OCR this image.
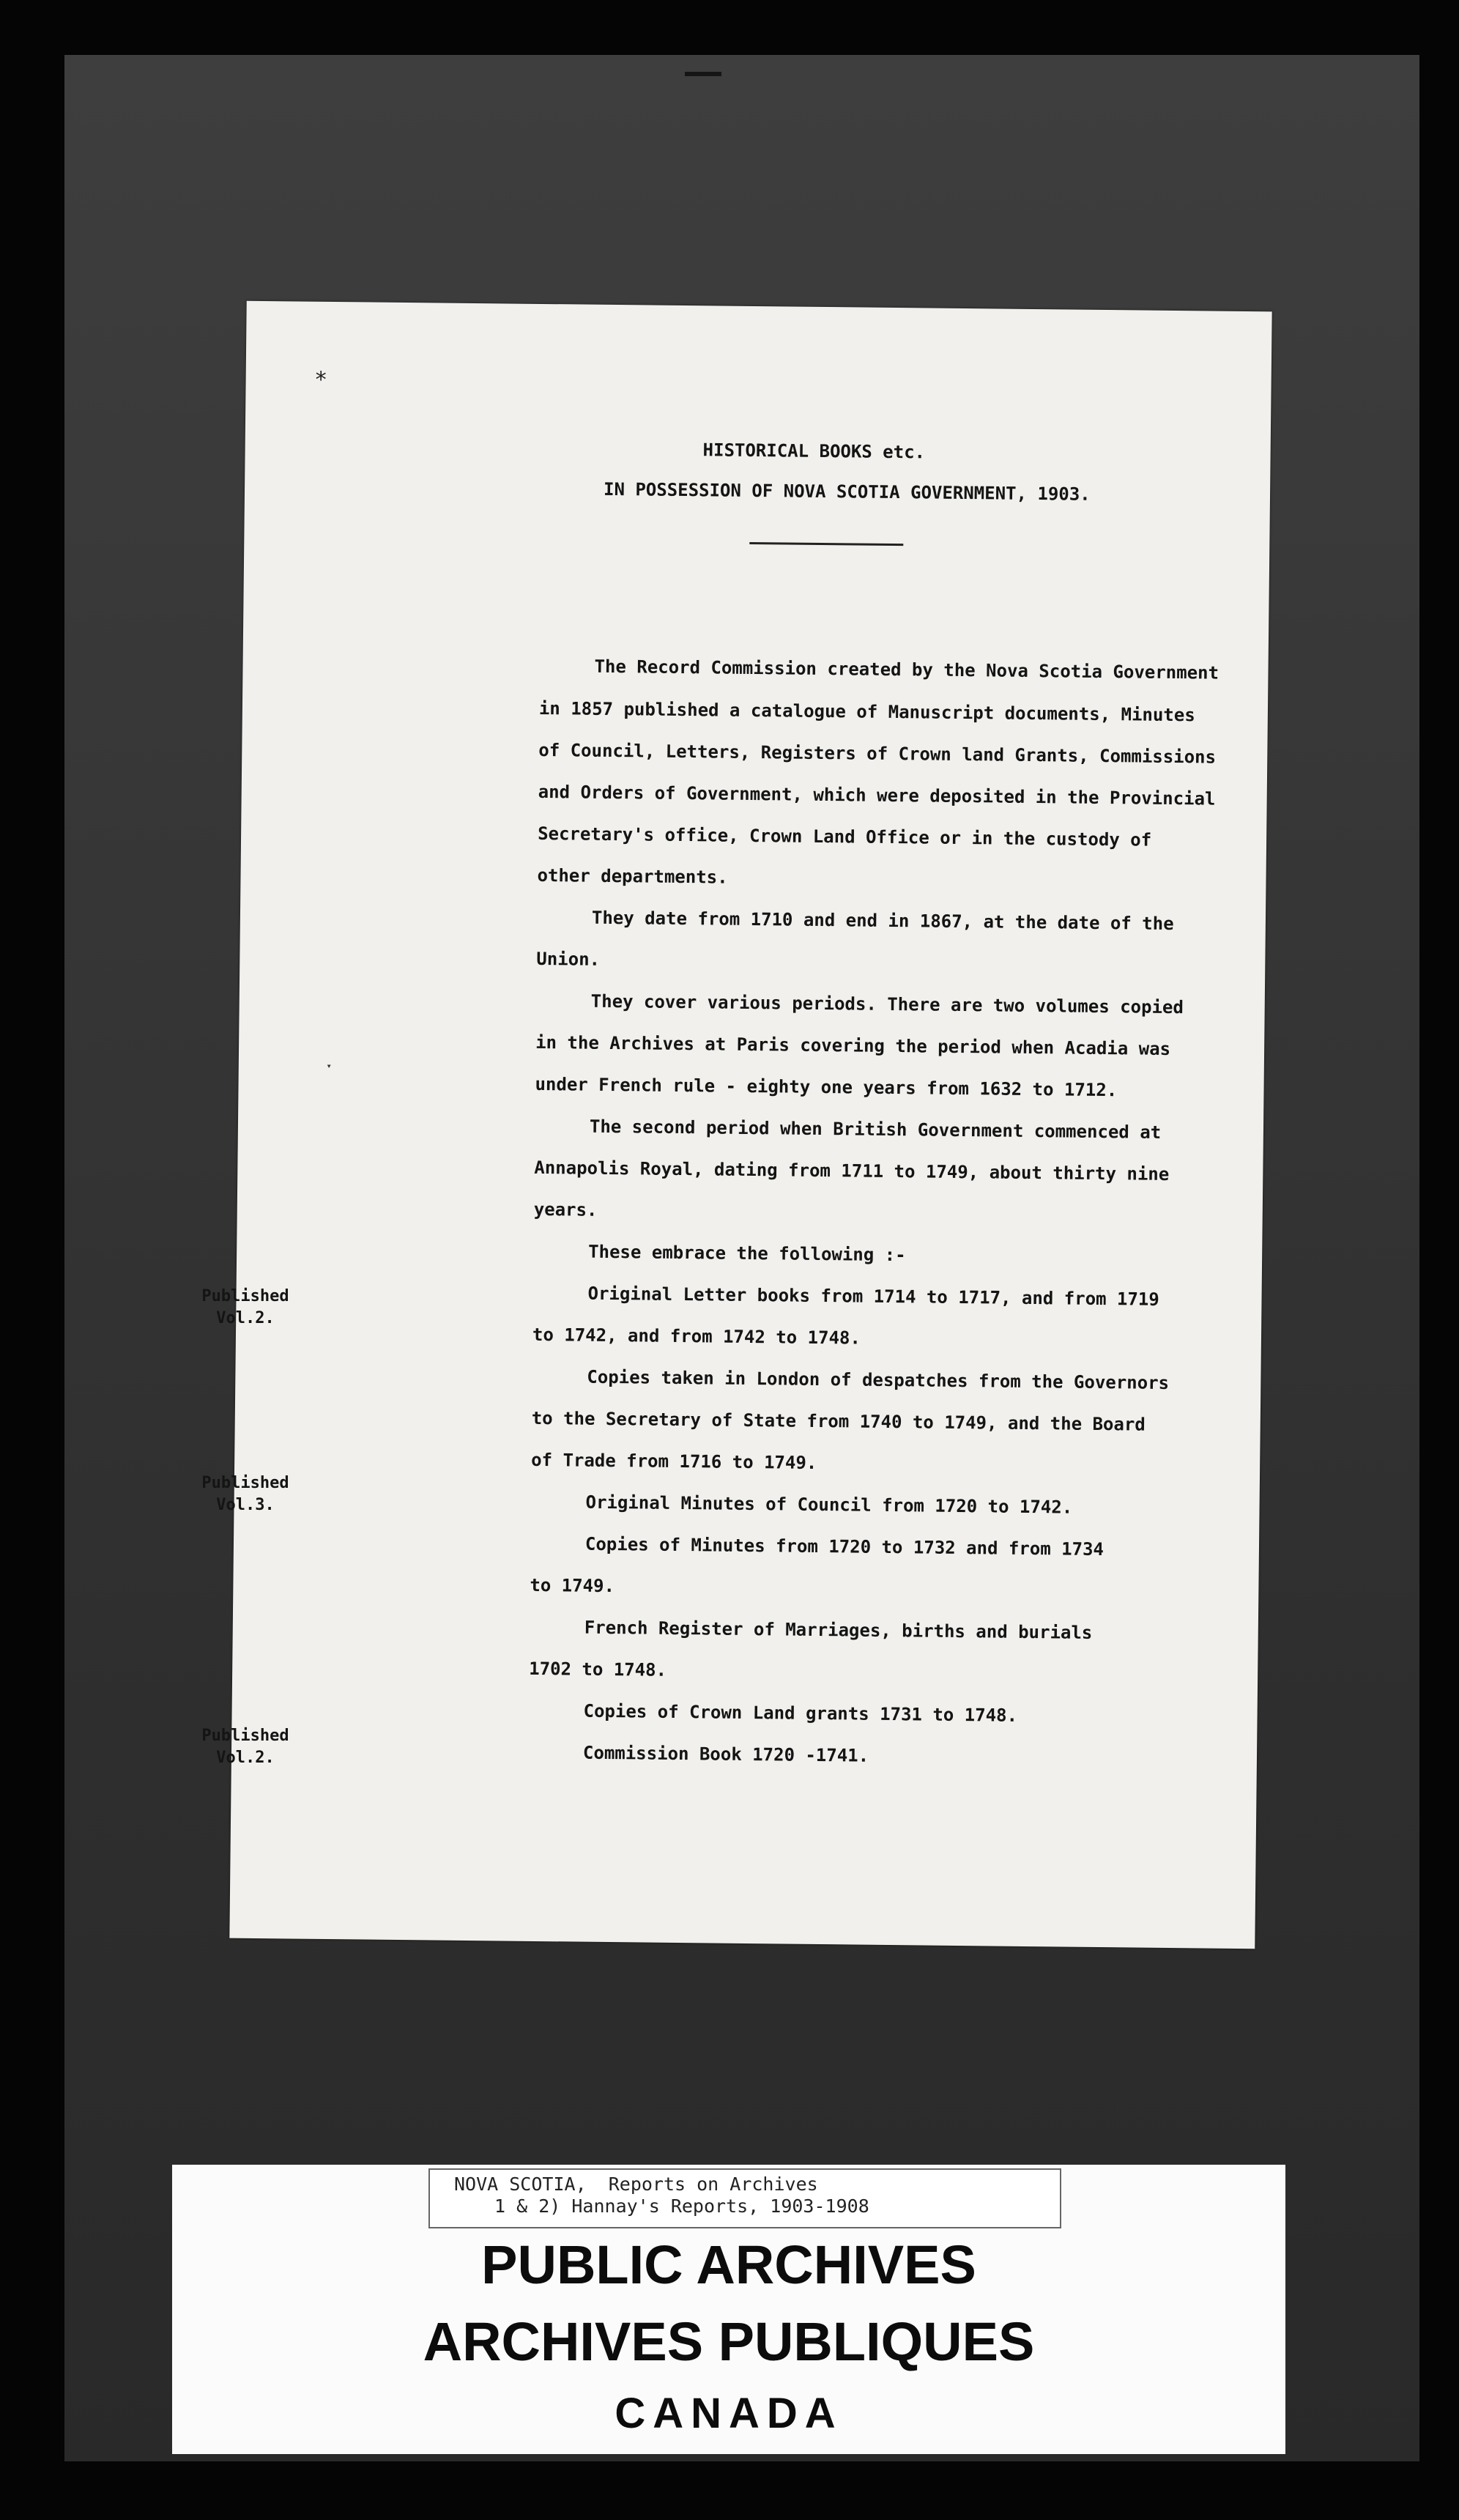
⁎
ˑ
HISTORICAL BOOKS etc.
IN POSSESSION OF NOVA SCOTIA GOVERNMENT, 1903.
The Record Commission created by the Nova Scotia Government
in 1857 published a catalogue of Manuscript documents, Minutes
of Council, Letters, Registers of Crown land Grants, Commissions
and Orders of Government, which were deposited in the Provincial
Secretary's office, Crown Land Office or in the custody of
other departments.
They date from 1710 and end in 1867, at the date of the
Union.
They cover various periods. There are two volumes copied
in the Archives at Paris covering the period when Acadia was
under French rule - eighty one years from 1632 to 1712.
The second period when British Government commenced at
Annapolis Royal, dating from 1711 to 1749, about thirty nine
years.
These embrace the following :-
Original Letter books from 1714 to 1717, and from 1719
to 1742, and from 1742 to 1748.
Copies taken in London of despatches from the Governors
to the Secretary of State from 1740 to 1749, and the Board
of Trade from 1716 to 1749.
Original Minutes of Council from 1720 to 1742.
Copies of Minutes from 1720 to 1732 and from 1734
to 1749.
French Register of Marriages, births and burials
1702 to 1748.
Copies of Crown Land grants 1731 to 1748.
Commission Book 1720 -1741.
Published
Vol.2.
Published
Vol.3.
Published
Vol.2.
NOVA SCOTIA,  Reports on Archives
1 & 2) Hannay's Reports, 1903-1908
PUBLIC ARCHIVES
ARCHIVES PUBLIQUES
CANADA
